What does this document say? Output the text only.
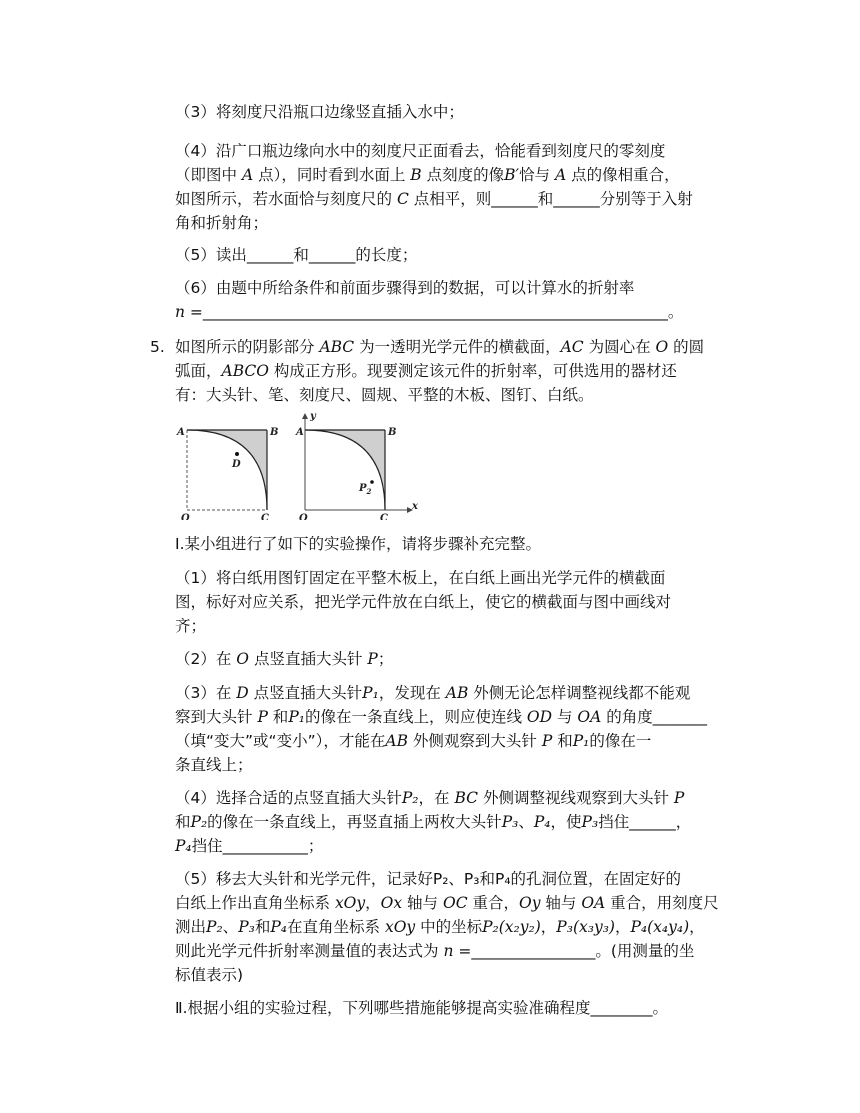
（3）将刻度尺沿瓶口边缘竖直插入水中；
（4）沿广口瓶边缘向水中的刻度尺正面看去，恰能看到刻度尺的零刻度
（即图中 A 点），同时看到水面上 B 点刻度的像B′恰与 A 点的像相重合，
如图所示，若水面恰与刻度尺的 C 点相平，则______和______分别等于入射
角和折射角；
（5）读出______和______的长度；
（6）由题中所给条件和前面步骤得到的数据，可以计算水的折射率
n =____________________________________________________________。
5. 如图所示的阴影部分 ABC 为一透明光学元件的横截面，AC 为圆心在 O 的圆
弧面，ABCO 构成正方形。现要测定该元件的折射率，可供选用的器材还
有：大头针、笔、刻度尺、圆规、平整的木板、图钉、白纸。
A	B
O	C
D
A	B
O	C
$P_2$
x
y
Ⅰ.某小组进行了如下的实验操作，请将步骤补充完整。
（1）将白纸用图钉固定在平整木板上，在白纸上画出光学元件的横截面
图，标好对应关系，把光学元件放在白纸上，使它的横截面与图中画线对
齐；
（2）在 O 点竖直插大头针 P；
（3）在 D 点竖直插大头针P₁，发现在 AB 外侧无论怎样调整视线都不能观
察到大头针 P 和P₁的像在一条直线上，则应使连线 OD 与 OA 的角度_______
（填“变大”或“变小”），才能在AB 外侧观察到大头针 P 和P₁的像在一
条直线上；
（4）选择合适的点竖直插大头针P₂，在 BC 外侧调整视线观察到大头针 P
和P₂的像在一条直线上，再竖直插上两枚大头针P₃、P₄，使P₃挡住______，
P₄挡住___________；
（5）移去大头针和光学元件，记录好P₂、P₃和P₄的孔洞位置，在固定好的
白纸上作出直角坐标系 xOy，Ox 轴与 OC 重合，Oy 轴与 OA 重合，用刻度尺
测出P₂、P₃和P₄在直角坐标系 xOy 中的坐标P₂(x₂y₂)，P₃(x₃y₃)，P₄(x₄y₄)，
则此光学元件折射率测量值的表达式为 n =________________。(用测量的坐
标值表示)
Ⅱ.根据小组的实验过程，下列哪些措施能够提高实验准确程度________。
